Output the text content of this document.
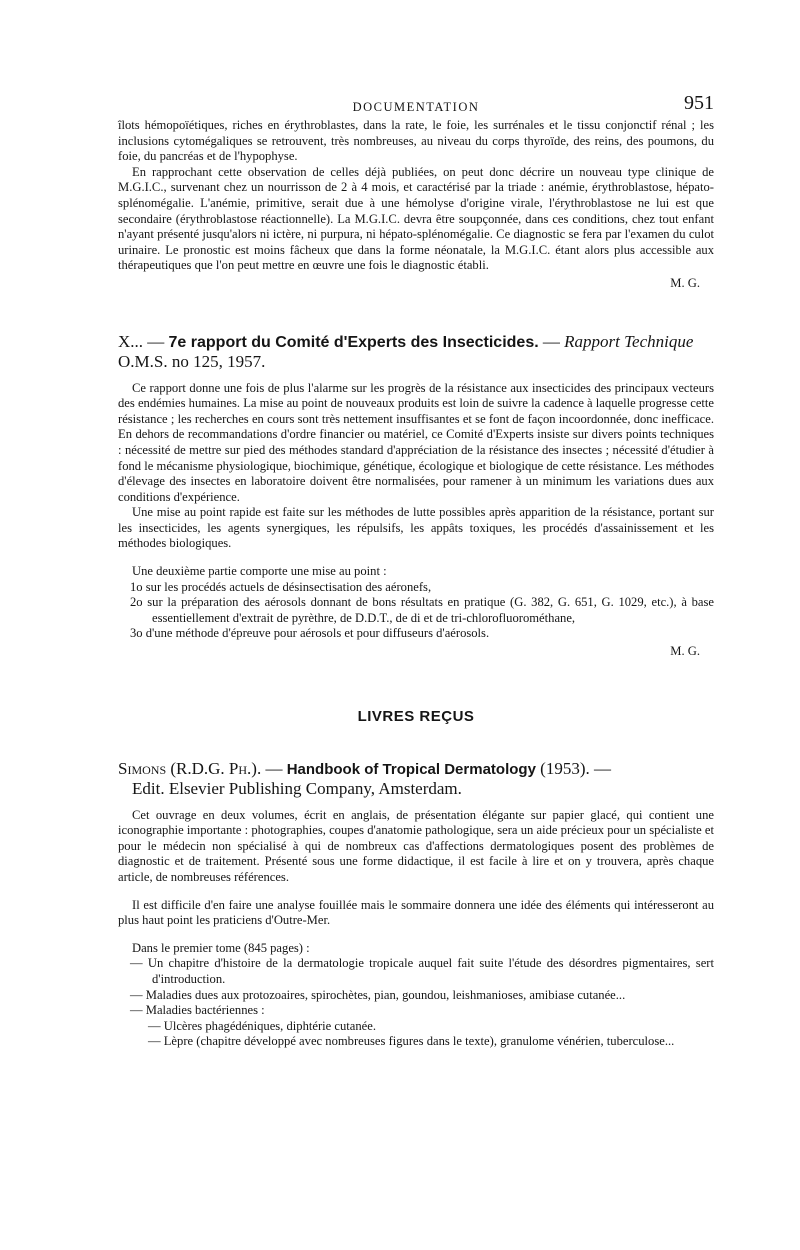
DOCUMENTATION	951

îlots hémopoïétiques, riches en érythroblastes, dans la rate, le foie, les surrénales et le tissu conjonctif rénal ; les inclusions cytomégaliques se retrouvent, très nombreuses, au niveau du corps thyroïde, des reins, des poumons, du foie, du pancréas et de l'hypophyse.

En rapprochant cette observation de celles déjà publiées, on peut donc décrire un nouveau type clinique de M.G.I.C., survenant chez un nourrisson de 2 à 4 mois, et caractérisé par la triade : anémie, érythroblastose, hépato-splénomégalie. L'anémie, primitive, serait due à une hémolyse d'origine virale, l'érythroblastose ne lui est que secondaire (érythroblastose réactionnelle). La M.G.I.C. devra être soupçonnée, dans ces conditions, chez tout enfant n'ayant présenté jusqu'alors ni ictère, ni purpura, ni hépato-splénomégalie. Ce diagnostic se fera par l'examen du culot urinaire. Le pronostic est moins fâcheux que dans la forme néonatale, la M.G.I.C. étant alors plus accessible aux thérapeutiques que l'on peut mettre en œuvre une fois le diagnostic établi.

M. G.
X... — 7e rapport du Comité d'Experts des Insecticides. — Rapport Technique O.M.S. no 125, 1957.

Ce rapport donne une fois de plus l'alarme sur les progrès de la résistance aux insecticides des principaux vecteurs des endémies humaines. La mise au point de nouveaux produits est loin de suivre la cadence à laquelle progresse cette résistance ; les recherches en cours sont très nettement insuffisantes et se font de façon incoordonnée, donc inefficace. En dehors de recommandations d'ordre financier ou matériel, ce Comité d'Experts insiste sur divers points techniques : nécessité de mettre sur pied des méthodes standard d'appréciation de la résistance des insectes ; nécessité d'étudier à fond le mécanisme physiologique, biochimique, génétique, écologique et biologique de cette résistance. Les méthodes d'élevage des insectes en laboratoire doivent être normalisées, pour ramener à un minimum les variations dues aux conditions d'expérience.

Une mise au point rapide est faite sur les méthodes de lutte possibles après apparition de la résistance, portant sur les insecticides, les agents synergiques, les répulsifs, les appâts toxiques, les procédés d'assainissement et les méthodes biologiques.

Une deuxième partie comporte une mise au point :

1o sur les procédés actuels de désinsectisation des aéronefs,
2o sur la préparation des aérosols donnant de bons résultats en pratique (G. 382, G. 651, G. 1029, etc.), à base essentiellement d'extrait de pyrèthre, de D.D.T., de di et de tri-chlorofluorométhane,
3o d'une méthode d'épreuve pour aérosols et pour diffuseurs d'aérosols.
M. G.
LIVRES REÇUS
Simons (R.D.G. Ph.). — Handbook of Tropical Dermatology (1953). —
Edit. Elsevier Publishing Company, Amsterdam.

Cet ouvrage en deux volumes, écrit en anglais, de présentation élégante sur papier glacé, qui contient une iconographie importante : photographies, coupes d'anatomie pathologique, sera un aide précieux pour un spécialiste et pour le médecin non spécialisé à qui de nombreux cas d'affections dermatologiques posent des problèmes de diagnostic et de traitement. Présenté sous une forme didactique, il est facile à lire et on y trouvera, après chaque article, de nombreuses références.

Il est difficile d'en faire une analyse fouillée mais le sommaire donnera une idée des éléments qui intéresseront au plus haut point les praticiens d'Outre-Mer.

Dans le premier tome (845 pages) :

— Un chapitre d'histoire de la dermatologie tropicale auquel fait suite l'étude des désordres pigmentaires, sert d'introduction.
— Maladies dues aux protozoaires, spirochètes, pian, goundou, leishmanioses, amibiase cutanée...
— Maladies bactériennes :
— Ulcères phagédéniques, diphtérie cutanée.
— Lèpre (chapitre développé avec nombreuses figures dans le texte), granulome vénérien, tuberculose...
